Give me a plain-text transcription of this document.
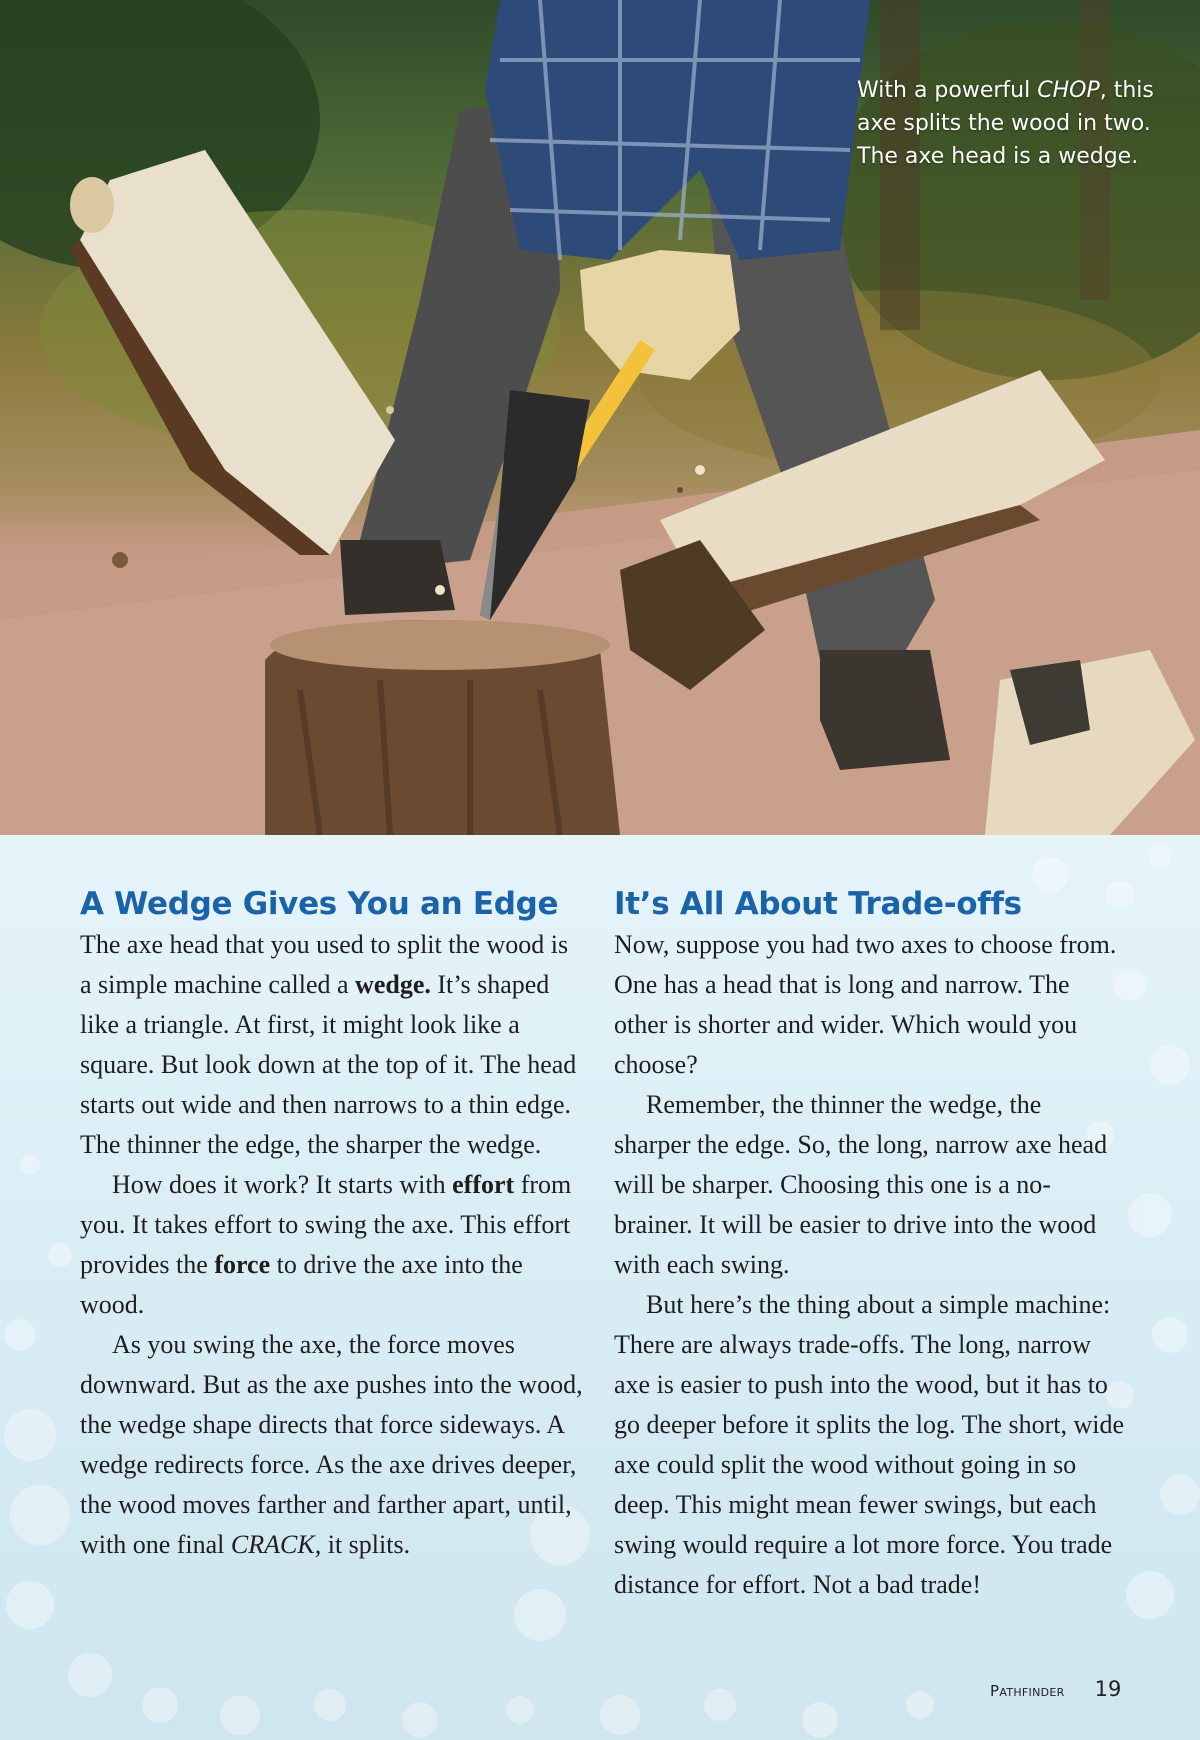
With a powerful CHOP, this axe splits the wood in two. The axe head is a wedge.
A Wedge Gives You an Edge

The axe head that you used to split the wood is a simple machine called a wedge. It’s shaped like a triangle. At first, it might look like a square. But look down at the top of it. The head starts out wide and then narrows to a thin edge. The thinner the edge, the sharper the wedge.

How does it work? It starts with effort from you. It takes effort to swing the axe. This effort provides the force to drive the axe into the wood.

As you swing the axe, the force moves downward. But as the axe pushes into the wood, the wedge shape directs that force sideways. A wedge redirects force. As the axe drives deeper, the wood moves farther and farther apart, until, with one final CRACK, it splits.

It’s All About Trade-offs

Now, suppose you had two axes to choose from. One has a head that is long and narrow. The other is shorter and wider. Which would you choose?

Remember, the thinner the wedge, the sharper the edge. So, the long, narrow axe head will be sharper. Choosing this one is a no-brainer. It will be easier to drive into the wood with each swing.

But here’s the thing about a simple machine: There are always trade-offs. The long, narrow axe is easier to push into the wood, but it has to go deeper before it splits the log. The short, wide axe could split the wood without going in so deep. This might mean fewer swings, but each swing would require a lot more force. You trade distance for effort. Not a bad trade!

Pathfinder 19
